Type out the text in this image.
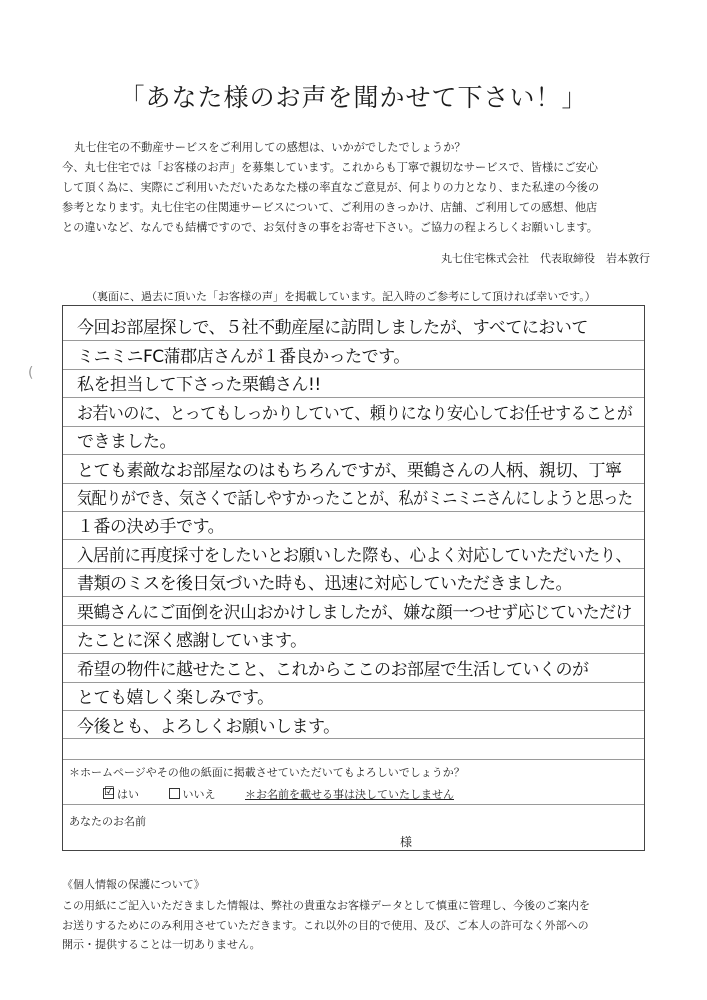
「あなた様のお声を聞かせて下さい！」

丸七住宅の不動産サービスをご利用しての感想は、いかがでしたでしょうか？

今、丸七住宅では「お客様のお声」を募集しています。これからも丁寧で親切なサービスで、皆様にご安心

して頂く為に、実際にご利用いただいたあなた様の率直なご意見が、何よりの力となり、また私達の今後の

参考となります。丸七住宅の住関連サービスについて、ご利用のきっかけ、店舗、ご利用しての感想、他店

との違いなど、なんでも結構ですので、お気付きの事をお寄せ下さい。ご協力の程よろしくお願いします。

丸七住宅株式会社　代表取締役　岩本敦行
（裏面に、過去に頂いた「お客様の声」を掲載しています。記入時のご参考にして頂ければ幸いです。）
(
今回お部屋探しで、５社不動産屋に訪問しましたが、すべてにおいて
ミニミニFC蒲郡店さんが１番良かったです。
私を担当して下さった栗鶴さん!!
お若いのに、とってもしっかりしていて、頼りになり安心してお任せすることが
できました。
とても素敵なお部屋なのはもちろんですが、栗鶴さんの人柄、親切、丁寧
気配りができ、気さくで話しやすかったことが、私がミニミニさんにしようと思った
１番の決め手です。
入居前に再度採寸をしたいとお願いした際も、心よく対応していただいたり、
書類のミスを後日気づいた時も、迅速に対応していただきました。
栗鶴さんにご面倒を沢山おかけしましたが、嫌な顔一つせず応じていただけ
たことに深く感謝しています。
希望の物件に越せたこと、これからここのお部屋で生活していくのが
とても嬉しく楽しみです。
今後とも、よろしくお願いします。
＊ホームページやその他の紙面に掲載させていただいてもよろしいでしょうか？
☑ はい	いいえ	＊お名前を載せる事は決していたしません
あなたのお名前
様
《個人情報の保護について》

この用紙にご記入いただきました情報は、弊社の貴重なお客様データとして慎重に管理し、今後のご案内を

お送りするためにのみ利用させていただきます。これ以外の目的で使用、及び、ご本人の許可なく外部への

開示・提供することは一切ありません。
